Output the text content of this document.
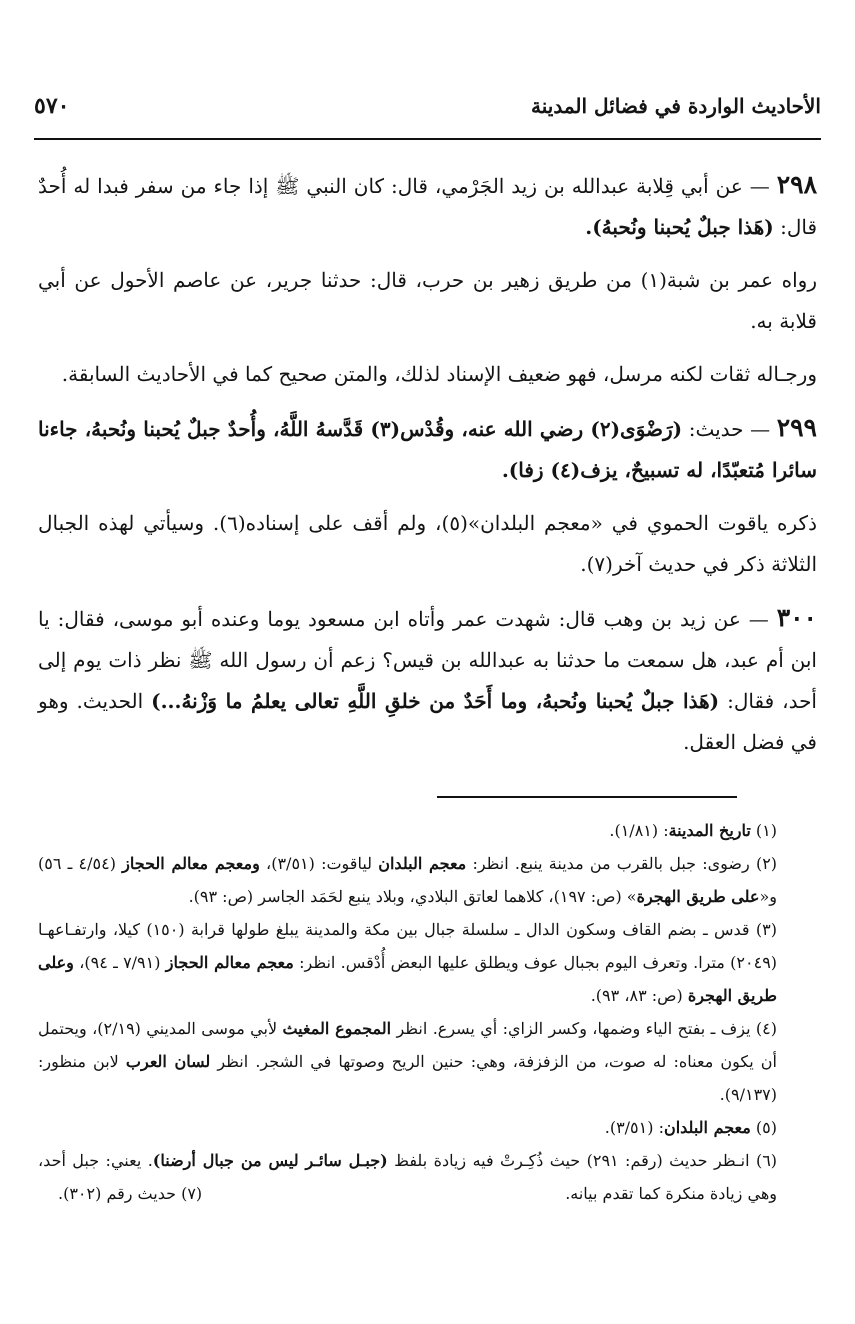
الأحاديث الواردة في فضائل المدينة
٥٧٠

٢٩٨ — عن أبي قِلابة عبدالله بن زيد الجَرْمي، قال: كان النبي ﷺ إذا جاء من سفر فبدا له أُحدٌ قال: (هَذا جبلٌ يُحبنا ونُحبهُ).

رواه عمر بن شبة(١) من طريق زهير بن حرب، قال: حدثنا جرير، عن عاصم الأحول عن أبي قلابة به.

ورجـاله ثقات لكنه مرسل، فهو ضعيف الإسناد لذلك، والمتن صحيح كما في الأحاديث السابقة.

٢٩٩ — حديث: (رَضْوَى(٢) رضي الله عنه، وقُدْس(٣) قَدَّسهُ اللَّهُ، وأُحدٌ جبلٌ يُحبنا ونُحبهُ، جاءنا سائرا مُتعبّدًا، له تسبيحٌ، يزف(٤) زفا).

ذكره ياقوت الحموي في «معجم البلدان»(٥)، ولم أقف على إسناده(٦). وسيأتي لهذه الجبال الثلاثة ذكر في حديث آخر(٧).

٣٠٠ — عن زيد بن وهب قال: شهدت عمر وأتاه ابن مسعود يوما وعنده أبو موسى، فقال: يا ابن أم عبد، هل سمعت ما حدثنا به عبدالله بن قيس؟ زعم أن رسول الله ﷺ نظر ذات يوم إلى أحد، فقال: (هَذا جبلٌ يُحبنا ونُحبهُ، وما أَحَدٌ من خلقِ اللَّهِ تعالى يعلمُ ما وَزْنهُ...) الحديث. وهو في فضل العقل.

(١) تاريخ المدينة: (١/٨١).

(٢) رضوى: جبل بالقرب من مدينة ينبع. انظر: معجم البلدان لياقوت: (٣/٥١)، ومعجم معالم الحجاز (٤/٥٤ ـ ٥٦) و«على طريق الهجرة» (ص: ١٩٧)، كلاهما لعاتق البلادي، وبلاد ينبع لحَمَد الجاسر (ص: ٩٣).

(٣) قدس ـ بضم القاف وسكون الدال ـ سلسلة جبال بين مكة والمدينة يبلغ طولها قرابة (١٥٠) كيلا، وارتفـاعهـا (٢٠٤٩) مترا. وتعرف اليوم بجبال عوف ويطلق عليها البعض أُدْقس. انظر: معجم معالم الحجاز (٧/٩١ ـ ٩٤)، وعلى طريق الهجرة (ص: ٨٣، ٩٣).

(٤) يزف ـ بفتح الياء وضمها، وكسر الزاي: أي يسرع. انظر المجموع المغيث لأبي موسى المديني (٢/١٩)، ويحتمل أن يكون معناه: له صوت، من الزفزفة، وهي: حنين الريح وصوتها في الشجر. انظر لسان العرب لابن منظور: (٩/١٣٧).

(٥) معجم البلدان: (٣/٥١).

(٦) انـظر حديث (رقم: ٢٩١) حيث ذُكِـرتْ فيه زيادة بلفظ (جبـل سائـر ليس من جبال أرضنا). يعني: جبل أحد، وهي زيادة منكرة كما تقدم بيانه.
(٧) حديث رقم (٣٠٢).
